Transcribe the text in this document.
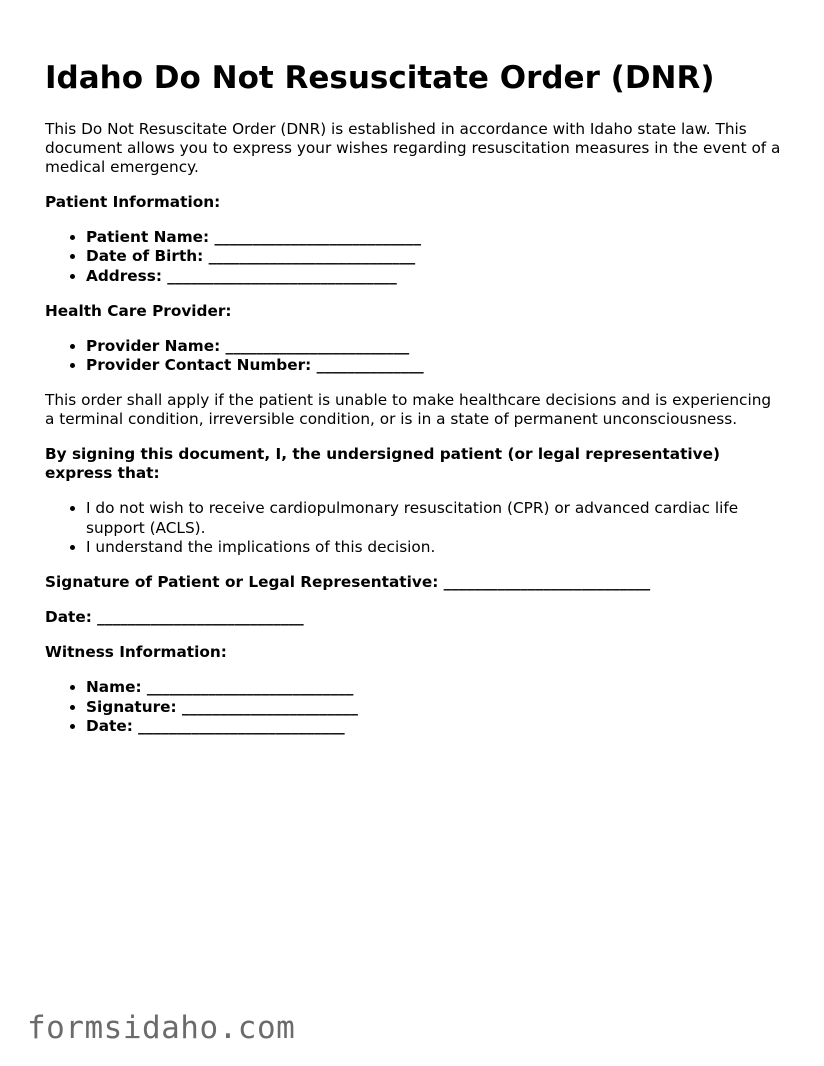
Idaho Do Not Resuscitate Order (DNR)

This Do Not Resuscitate Order (DNR) is established in accordance with Idaho state law. This document allows you to express your wishes regarding resuscitation measures in the event of a medical emergency.

Patient Information:

• Patient Name: ___________________________
• Date of Birth: ___________________________
• Address: ______________________________

Health Care Provider:

• Provider Name: ________________________
• Provider Contact Number: ______________

This order shall apply if the patient is unable to make healthcare decisions and is experiencing a terminal condition, irreversible condition, or is in a state of permanent unconsciousness.

By signing this document, I, the undersigned patient (or legal representative) express that:

• I do not wish to receive cardiopulmonary resuscitation (CPR) or advanced cardiac life support (ACLS).
• I understand the implications of this decision.

Signature of Patient or Legal Representative: ___________________________

Date: ___________________________

Witness Information:

• Name: ___________________________
• Signature: _______________________
• Date: ___________________________
formsidaho.com
